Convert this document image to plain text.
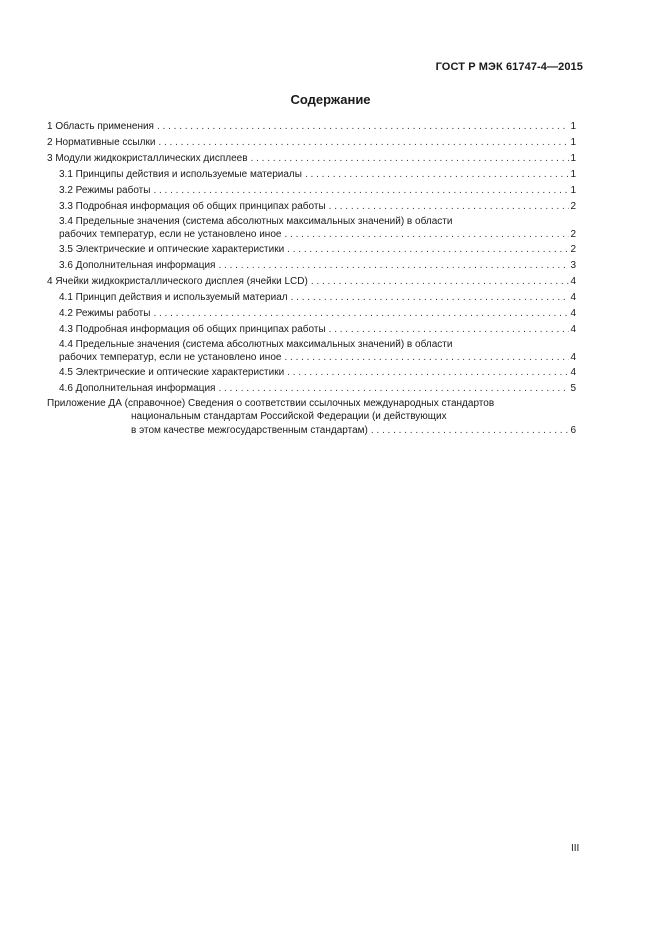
ГОСТ Р МЭК 61747-4—2015
Содержание
1 Область применения . . .	1
2 Нормативные ссылки . . .	1
3 Модули жидкокристаллических дисплеев . . .	1
3.1 Принципы действия и используемые материалы . . .	1
3.2 Режимы работы . . .	1
3.3 Подробная информация об общих принципах работы . . .	2
3.4 Предельные значения (система абсолютных максимальных значений) в области
рабочих температур, если не установлено иное . . .	2
3.5 Электрические и оптические характеристики . . .	2
3.6 Дополнительная информация . . .	3
4 Ячейки жидкокристаллического дисплея (ячейки LCD) . . .	4
4.1 Принцип действия и используемый материал . . .	4
4.2 Режимы работы . . .	4
4.3 Подробная информация об общих принципах работы . . .	4
4.4 Предельные значения (система абсолютных максимальных значений) в области
рабочих температур, если не установлено иное . . .	4
4.5 Электрические и оптические характеристики . . .	4
4.6 Дополнительная информация . . .	5
Приложение ДА (справочное) Сведения о соответствии ссылочных международных стандартов
национальным стандартам Российской Федерации (и действующих
в этом качестве межгосударственным стандартам) . . .	6
III
